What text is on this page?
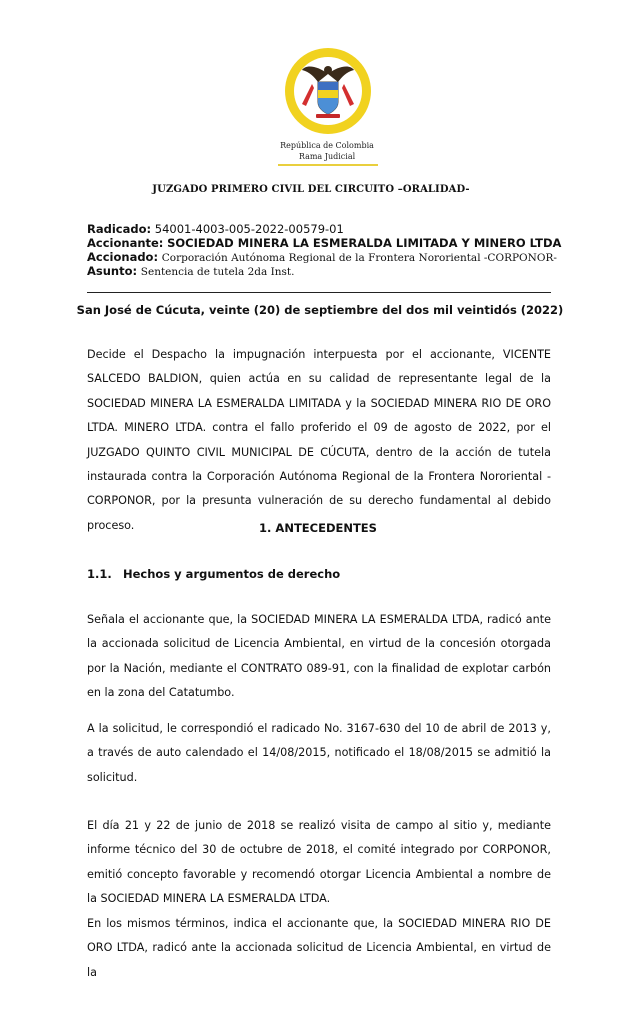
República de Colombia
Rama Judicial
JUZGADO PRIMERO CIVIL DEL CIRCUITO –ORALIDAD-
Radicado: 54001-4003-005-2022-00579-01
Accionante: SOCIEDAD MINERA LA ESMERALDA LIMITADA Y MINERO LTDA
Accionado: Corporación Autónoma Regional de la Frontera Nororiental -CORPONOR-
Asunto: Sentencia de tutela 2da Inst.
San José de Cúcuta, veinte (20) de septiembre del dos mil veintidós (2022)
Decide el Despacho la impugnación interpuesta por el accionante, VICENTE SALCEDO BALDION, quien actúa en su calidad de representante legal de la SOCIEDAD MINERA LA ESMERALDA LIMITADA y la SOCIEDAD MINERA RIO DE ORO LTDA. MINERO LTDA. contra el fallo proferido el 09 de agosto de 2022, por el JUZGADO QUINTO CIVIL MUNICIPAL DE CÚCUTA, dentro de la acción de tutela instaurada contra la Corporación Autónoma Regional de la Frontera Nororiental -CORPONOR, por la presunta vulneración de su derecho fundamental al debido proceso.	1. ANTECEDENTES
1.1. Hechos y argumentos de derecho
Señala el accionante que, la SOCIEDAD MINERA LA ESMERALDA LTDA, radicó ante la accionada solicitud de Licencia Ambiental, en virtud de la concesión otorgada por la Nación, mediante el CONTRATO 089-91, con la finalidad de explotar carbón en la zona del Catatumbo.
A la solicitud, le correspondió el radicado No. 3167-630 del 10 de abril de 2013 y, a través de auto calendado el 14/08/2015, notificado el 18/08/2015 se admitió la solicitud.
El día 21 y 22 de junio de 2018 se realizó visita de campo al sitio y, mediante informe técnico del 30 de octubre de 2018, el comité integrado por CORPONOR, emitió concepto favorable y recomendó otorgar Licencia Ambiental a nombre de la SOCIEDAD MINERA LA ESMERALDA LTDA.
En los mismos términos, indica el accionante que, la SOCIEDAD MINERA RIO DE ORO LTDA, radicó ante la accionada solicitud de Licencia Ambiental, en virtud de la
